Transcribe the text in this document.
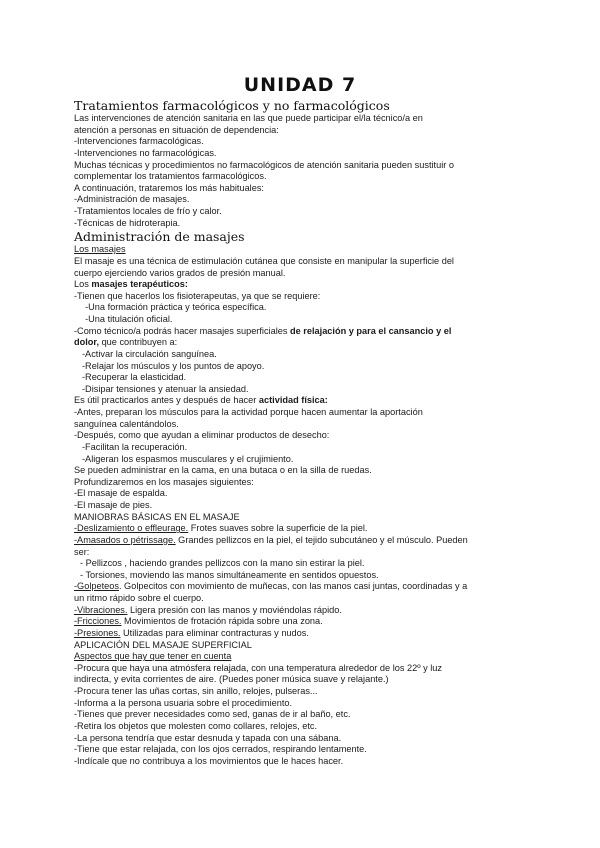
UNIDAD 7
Tratamientos farmacológicos y no farmacológicos
Las intervenciones de atención sanitaria en las que puede participar el/la técnico/a en
atención a personas en situación de dependencia:
-Intervenciones farmacológicas.
-Intervenciones no farmacológicas.
Muchas técnicas y procedimientos no farmacológicos de atención sanitaria pueden sustituir o
complementar los tratamientos farmacológicos.
A continuación, trataremos los más habituales:
-Administración de masajes.
-Tratamientos locales de frío y calor.
-Técnicas de hidroterapia.
Administración de masajes
Los masajes
El masaje es una técnica de estimulación cutánea que consiste en manipular la superficie del
cuerpo ejerciendo varios grados de presión manual.
Los masajes terapéuticos:
-Tienen que hacerlos los fisioterapeutas, ya que se requiere:
-Una formación práctica y teórica específica.
-Una titulación oficial.
-Como técnico/a podrás hacer masajes superficiales de relajación y para el cansancio y el
dolor, que contribuyen a:
-Activar la circulación sanguínea.
-Relajar los músculos y los puntos de apoyo.
-Recuperar la elasticidad.
-Disipar tensiones y atenuar la ansiedad.
Es útil practicarlos antes y después de hacer actividad física:
-Antes, preparan los músculos para la actividad porque hacen aumentar la aportación
sanguínea calentándolos.
-Después, como que ayudan a eliminar productos de desecho:
-Facilitan la recuperación.
-Aligeran los espasmos musculares y el crujimiento.
Se pueden administrar en la cama, en una butaca o en la silla de ruedas.
Profundizaremos en los masajes siguientes:
-El masaje de espalda.
-El masaje de pies.
MANIOBRAS BÁSICAS EN EL MASAJE
-Deslizamiento o effleurage. Frotes suaves sobre la superficie de la piel.
-Amasados o pétrissage. Grandes pellizcos en la piel, el tejido subcutáneo y el músculo. Pueden
ser:
- Pellizcos , haciendo grandes pellizcos con la mano sin estirar la piel.
- Torsiones, moviendo las manos simultáneamente en sentidos opuestos.
-Golpeteos. Golpecitos con movimiento de muñecas, con las manos casi juntas, coordinadas y a
un ritmo rápido sobre el cuerpo.
-Vibraciones. Ligera presión con las manos y moviéndolas rápido.
-Fricciones. Movimientos de frotación rápida sobre una zona.
-Presiones. Utilizadas para eliminar contracturas y nudos.
APLICACIÓN DEL MASAJE SUPERFICIAL
Aspectos que hay que tener en cuenta
-Procura que haya una atmósfera relajada, con una temperatura alrededor de los 22º y luz
indirecta, y evita corrientes de aire. (Puedes poner música suave y relajante.)
-Procura tener las uñas cortas, sin anillo, relojes, pulseras...
-Informa a la persona usuaria sobre el procedimiento.
-Tienes que prever necesidades como sed, ganas de ir al baño, etc.
-Retira los objetos que molesten como collares, relojes, etc.
-La persona tendría que estar desnuda y tapada con una sábana.
-Tiene que estar relajada, con los ojos cerrados, respirando lentamente.
-Indícale que no contribuya a los movimientos que le haces hacer.
